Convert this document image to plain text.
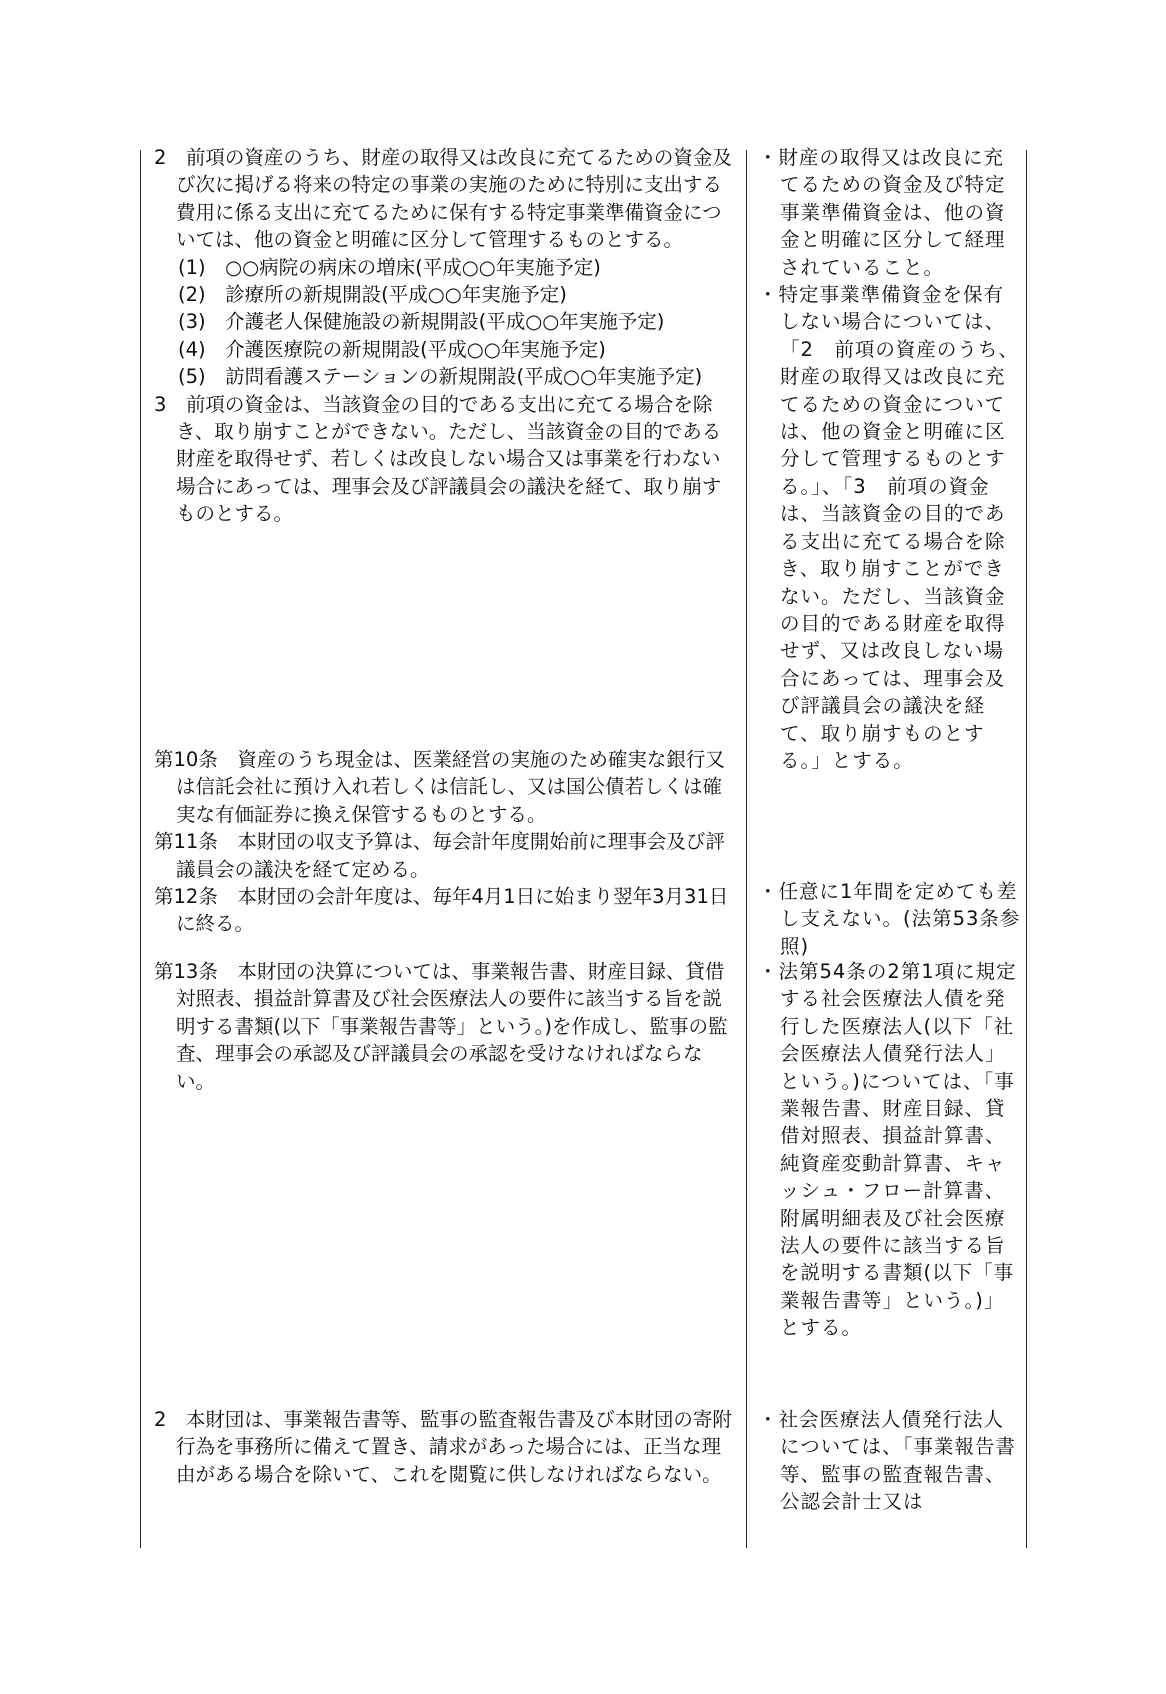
2　前項の資産のうち、財産の取得又は改良に充てるための資金及び次に掲げる将来の特定の事業の実施のために特別に支出する費用に係る支出に充てるために保有する特定事業準備資金については、他の資金と明確に区分して管理するものとする。

(1)　○○病院の病床の増床(平成○○年実施予定)

(2)　診療所の新規開設(平成○○年実施予定)

(3)　介護老人保健施設の新規開設(平成○○年実施予定)

(4)　介護医療院の新規開設(平成○○年実施予定)

(5)　訪問看護ステーションの新規開設(平成○○年実施予定)

3　前項の資金は、当該資金の目的である支出に充てる場合を除き、取り崩すことができない。ただし、当該資金の目的である財産を取得せず、若しくは改良しない場合又は事業を行わない場合にあっては、理事会及び評議員会の議決を経て、取り崩すものとする。

第10条　資産のうち現金は、医業経営の実施のため確実な銀行又は信託会社に預け入れ若しくは信託し、又は国公債若しくは確実な有価証券に換え保管するものとする。

第11条　本財団の収支予算は、毎会計年度開始前に理事会及び評議員会の議決を経て定める。

第12条　本財団の会計年度は、毎年4月1日に始まり翌年3月31日に終る。

第13条　本財団の決算については、事業報告書、財産目録、貸借対照表、損益計算書及び社会医療法人の要件に該当する旨を説明する書類(以下「事業報告書等」という。)を作成し、監事の監査、理事会の承認及び評議員会の承認を受けなければならない。

2　本財団は、事業報告書等、監事の監査報告書及び本財団の寄附行為を事務所に備えて置き、請求があった場合には、正当な理由がある場合を除いて、これを閲覧に供しなければならない。

・財産の取得又は改良に充てるための資金及び特定事業準備資金は、他の資金と明確に区分して経理されていること。

・特定事業準備資金を保有しない場合については、「2　前項の資産のうち、財産の取得又は改良に充てるための資金については、他の資金と明確に区分して管理するものとする。」、「3　前項の資金は、当該資金の目的である支出に充てる場合を除き、取り崩すことができない。ただし、当該資金の目的である財産を取得せず、又は改良しない場合にあっては、理事会及び評議員会の議決を経て、取り崩すものとする。」とする。

・任意に1年間を定めても差し支えない。(法第53条参照)

・法第54条の2第1項に規定する社会医療法人債を発行した医療法人(以下「社会医療法人債発行法人」という。)については、「事業報告書、財産目録、貸借対照表、損益計算書、純資産変動計算書、キャッシュ・フロー計算書、附属明細表及び社会医療法人の要件に該当する旨を説明する書類(以下「事業報告書等」という。)」とする。

・社会医療法人債発行法人については、「事業報告書等、監事の監査報告書、公認会計士又は
